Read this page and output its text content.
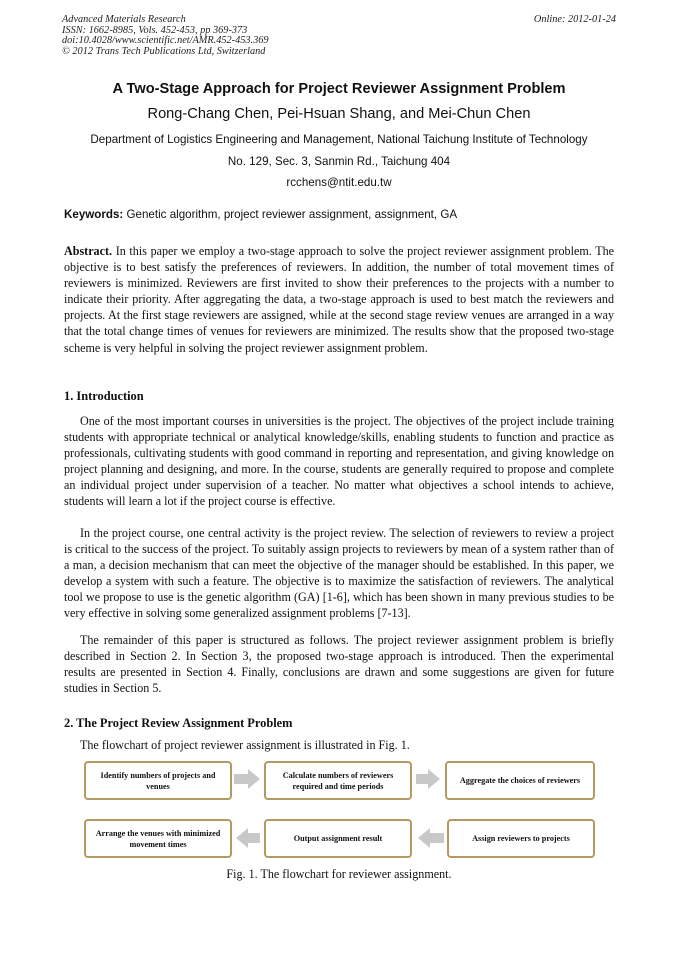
Advanced Materials Research
ISSN: 1662-8985, Vols. 452-453, pp 369-373
doi:10.4028/www.scientific.net/AMR.452-453.369
© 2012 Trans Tech Publications Ltd, Switzerland
Online: 2012-01-24
A Two-Stage Approach for Project Reviewer Assignment Problem
Rong-Chang Chen, Pei-Hsuan Shang, and Mei-Chun Chen
Department of Logistics Engineering and Management, National Taichung Institute of Technology
No. 129, Sec. 3, Sanmin Rd., Taichung 404
rcchens@ntit.edu.tw
Keywords: Genetic algorithm, project reviewer assignment, assignment, GA
Abstract. In this paper we employ a two-stage approach to solve the project reviewer assignment problem. The objective is to best satisfy the preferences of reviewers. In addition, the number of total movement times of reviewers is minimized. Reviewers are first invited to show their preferences to the projects with a number to indicate their priority. After aggregating the data, a two-stage approach is used to best match the reviewers and projects. At the first stage reviewers are assigned, while at the second stage review venues are arranged in a way that the total change times of venues for reviewers are minimized. The results show that the proposed two-stage scheme is very helpful in solving the project reviewer assignment problem.
1. Introduction

One of the most important courses in universities is the project. The objectives of the project include training students with appropriate technical or analytical knowledge/skills, enabling students to function and practice as professionals, cultivating students with good command in reporting and representation, and giving knowledge on project planning and designing, and more. In the course, students are generally required to propose and complete an individual project under supervision of a teacher. No matter what objectives a school intends to achieve, students will learn a lot if the project course is effective.

In the project course, one central activity is the project review. The selection of reviewers to review a project is critical to the success of the project. To suitably assign projects to reviewers by mean of a system rather than of a man, a decision mechanism that can meet the objective of the manager should be established. In this paper, we develop a system with such a feature. The objective is to maximize the satisfaction of reviewers. The analytical tool we propose to use is the genetic algorithm (GA) [1-6], which has been shown in many previous studies to be very effective in solving some generalized assignment problems [7-13].

The remainder of this paper is structured as follows. The project reviewer assignment problem is briefly described in Section 2. In Section 3, the proposed two-stage approach is introduced. Then the experimental results are presented in Section 4. Finally, conclusions are drawn and some suggestions are given for future studies in Section 5.

2. The Project Review Assignment Problem

The flowchart of project reviewer assignment is illustrated in Fig. 1.

Identify numbers of projects and venues
Calculate numbers of reviewers required and time periods
Aggregate the choices of reviewers
Assign reviewers to projects
Output assignment result
Arrange the venues with minimized movement times
Fig. 1. The flowchart for reviewer assignment.
